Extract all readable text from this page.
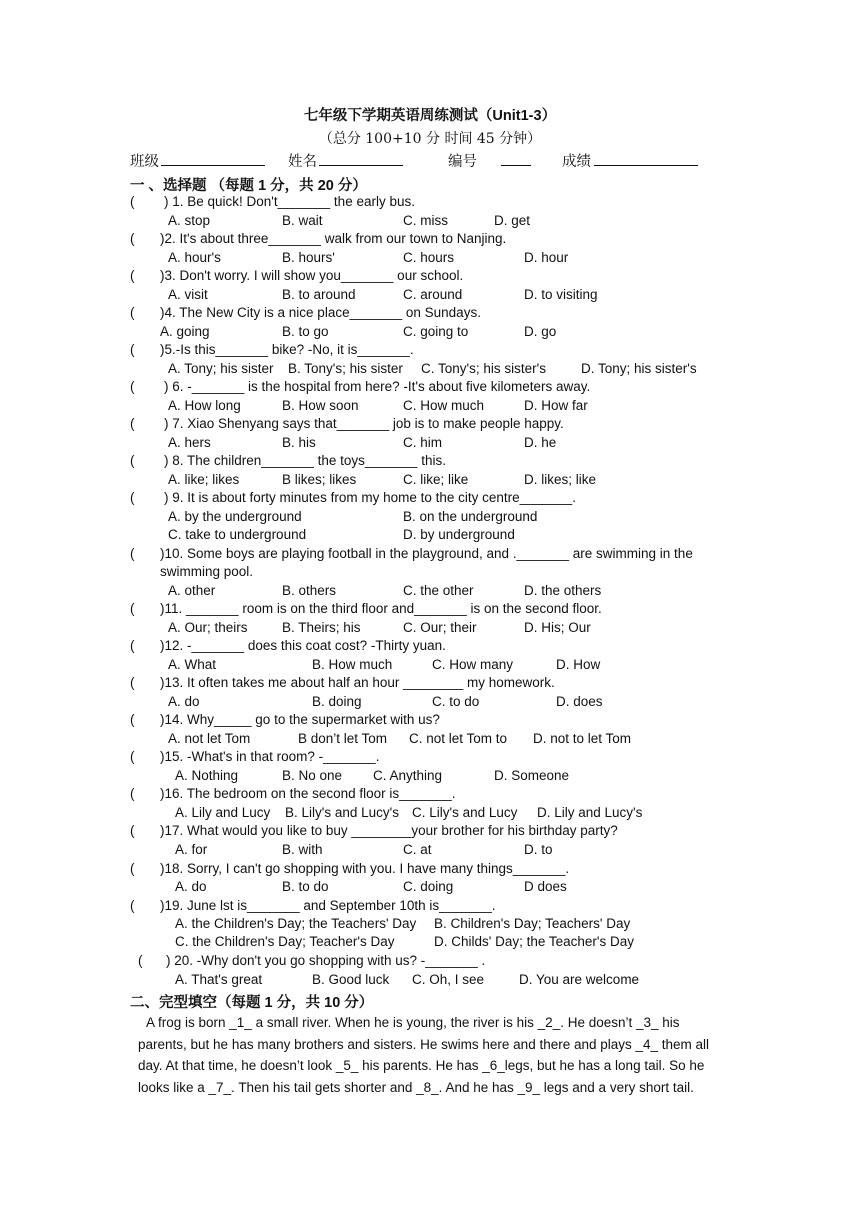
七年级下学期英语周练测试（Unit1-3）
（总分 100+10 分 时间 45 分钟）
班级	姓名	编号	成绩
一 、选择题 （每题 1 分，共 20 分）
( ) 1. Be quick! Don't_______ the early bus.
A. stop	B. wait	C. miss	D. get
( )2. It's about three_______ walk from our town to Nanjing.
A. hour's	B. hours'	C. hours	D. hour
( )3. Don't worry. I will show you_______ our school.
A. visit	B. to around	C. around	D. to visiting
( )4. The New City is a nice place_______ on Sundays.
A. going	B. to go	C. going to	D. go
( )5.-Is this_______ bike? -No, it is_______.
A. Tony; his sister B. Tony's; his sister C. Tony's; his sister's	D. Tony; his sister's
( ) 6. -_______ is the hospital from here? -It's about five kilometers away.
A. How long	B. How soon	C. How much	D. How far
( ) 7. Xiao Shenyang says that_______ job is to make people happy.
A. hers	B. his	C. him	D. he
( ) 8. The children_______ the toys_______ this.
A. like; likes	B likes; likes	C. like; like	D. likes; like
( ) 9. It is about forty minutes from my home to the city centre_______.
A. by the underground	B. on the underground
C. take to underground	D. by underground
( )10. Some boys are playing football in the playground, and ._______ are swimming in the
swimming pool.
A. other	B. others	C. the other	D. the others
( )11. _______ room is on the third floor and_______ is on the second floor.
A. Our; theirs	B. Theirs; his	C. Our; their	D. His; Our
( )12. -_______ does this coat cost? -Thirty yuan.
A. What	B. How much	C. How many	D. How
( )13. It often takes me about half an hour ________ my homework.
A. do	B. doing	C. to do	D. does
( )14. Why_____ go to the supermarket with us?
A. not let Tom	B don’t let Tom C. not let Tom to D. not to let Tom
( )15. -What's in that room? -_______.
A. Nothing	B. No one C. Anything	D. Someone
( )16. The bedroom on the second floor is_______.
A. Lily and Lucy B. Lily's and Lucy's C. Lily's and Lucy D. Lily and Lucy's
( )17. What would you like to buy ________your brother for his birthday party?
A. for	B. with	C. at	D. to
( )18. Sorry, I can't go shopping with you. I have many things_______.
A. do	B. to do	C. doing	D does
( )19. June lst is_______ and September 10th is_______.
A. the Children's Day; the Teachers' Day B. Children's Day; Teachers' Day
C. the Children's Day; Teacher's Day	D. Childs' Day; the Teacher's Day
( ) 20. -Why don't you go shopping with us? -_______ .
A. That's great	B. Good luck C. Oh, I see	D. You are welcome
二、完型填空（每题 1 分，共 10 分）
A frog is born _1_ a small river. When he is young, the river is his _2_. He doesn’t _3_ his
parents, but he has many brothers and sisters. He swims here and there and plays _4_ them all
day. At that time, he doesn’t look _5_ his parents. He has _6_legs, but he has a long tail. So he
looks like a _7_. Then his tail gets shorter and _8_. And he has _9_ legs and a very short tail.
